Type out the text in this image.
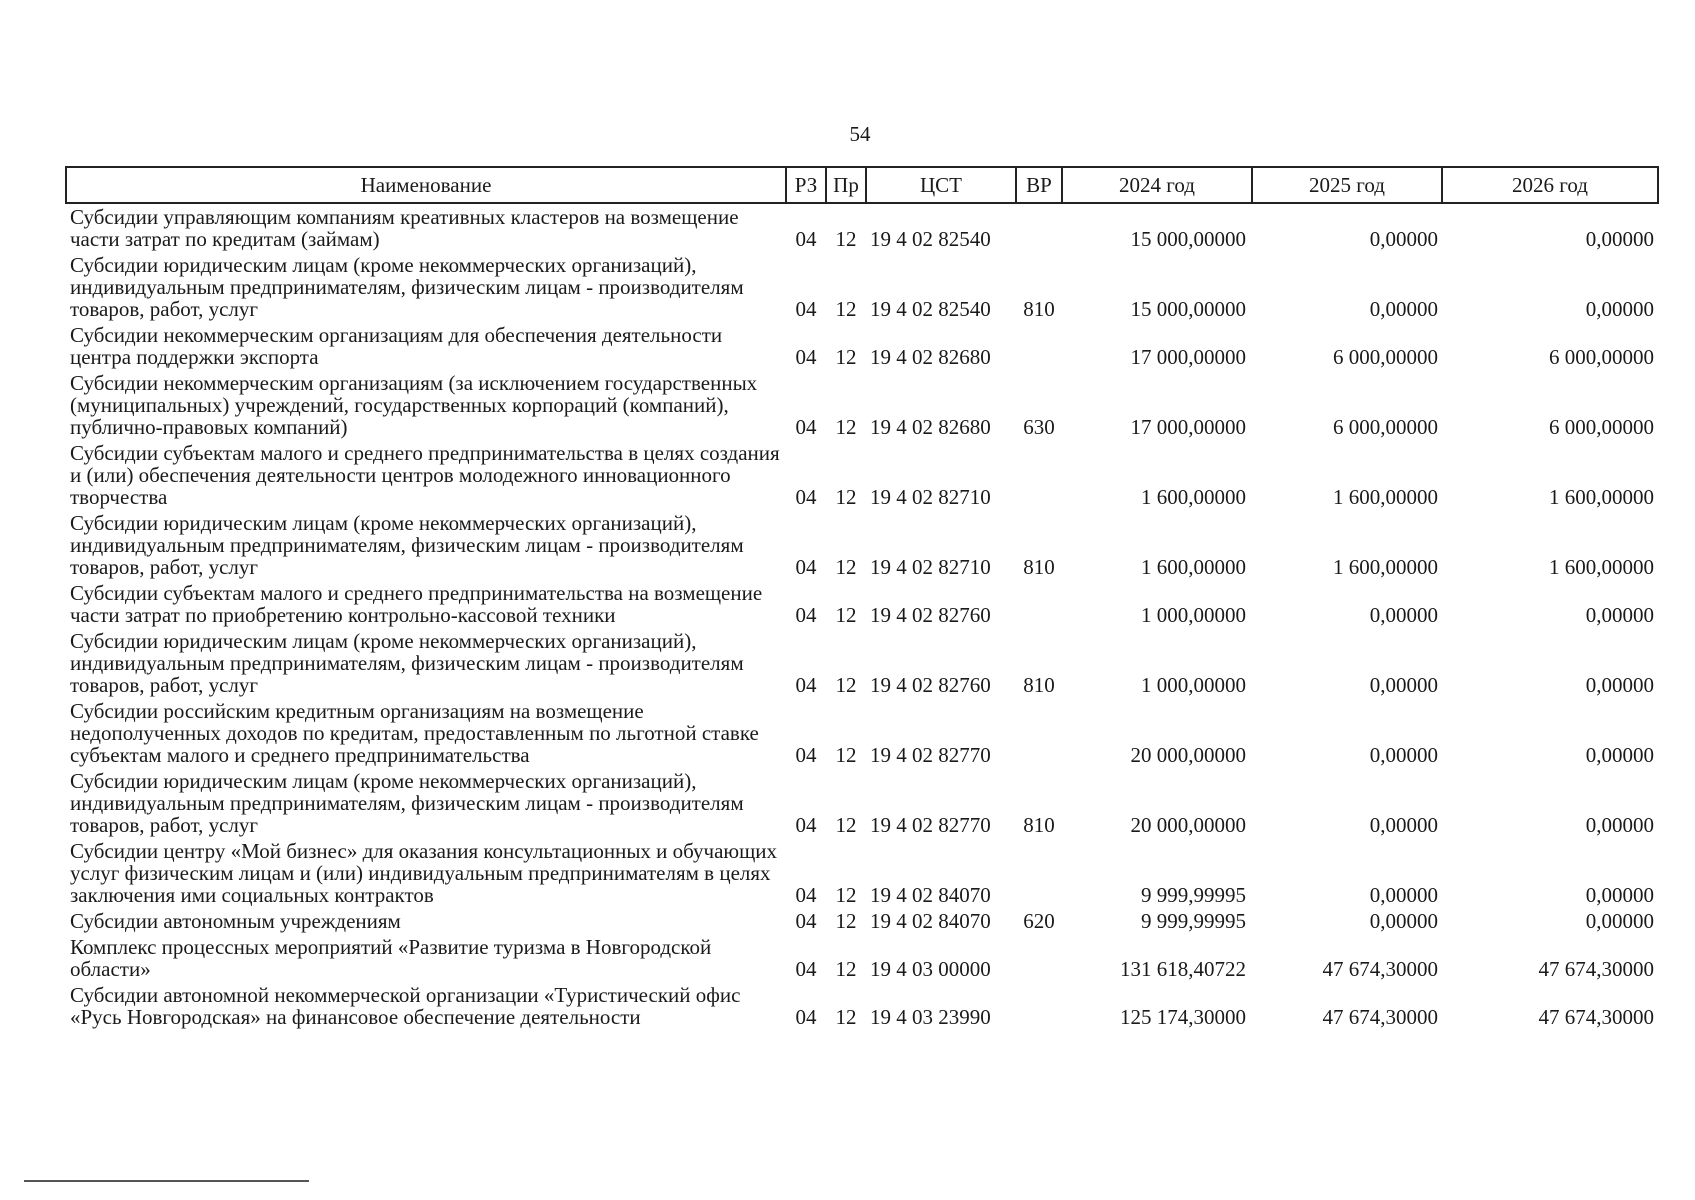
54
Наименование	РЗ	Пр	ЦСТ	ВР	2024 год	2025 год	2026 год
Субсидии управляющим компаниям креативных кластеров на возмещение части затрат по кредитам (займам)	04	12	19 4 02 82540		15 000,00000	0,00000	0,00000
Субсидии юридическим лицам (кроме некоммерческих организаций), индивидуальным предпринимателям, физическим лицам - производителям товаров, работ, услуг	04	12	19 4 02 82540	810	15 000,00000	0,00000	0,00000
Субсидии некоммерческим организациям для обеспечения деятельности центра поддержки экспорта	04	12	19 4 02 82680		17 000,00000	6 000,00000	6 000,00000
Субсидии некоммерческим организациям (за исключением государственных (муниципальных) учреждений, государственных корпораций (компаний), публично-правовых компаний)	04	12	19 4 02 82680	630	17 000,00000	6 000,00000	6 000,00000
Субсидии субъектам малого и среднего предпринимательства в целях создания и (или) обеспечения деятельности центров молодежного инновационного творчества	04	12	19 4 02 82710		1 600,00000	1 600,00000	1 600,00000
Субсидии юридическим лицам (кроме некоммерческих организаций), индивидуальным предпринимателям, физическим лицам - производителям товаров, работ, услуг	04	12	19 4 02 82710	810	1 600,00000	1 600,00000	1 600,00000
Субсидии субъектам малого и среднего предпринимательства на возмещение части затрат по приобретению контрольно-кассовой техники	04	12	19 4 02 82760		1 000,00000	0,00000	0,00000
Субсидии юридическим лицам (кроме некоммерческих организаций), индивидуальным предпринимателям, физическим лицам - производителям товаров, работ, услуг	04	12	19 4 02 82760	810	1 000,00000	0,00000	0,00000
Субсидии российским кредитным организациям на возмещение недополученных доходов по кредитам, предоставленным по льготной ставке субъектам малого и среднего предпринимательства	04	12	19 4 02 82770		20 000,00000	0,00000	0,00000
Субсидии юридическим лицам (кроме некоммерческих организаций), индивидуальным предпринимателям, физическим лицам - производителям товаров, работ, услуг	04	12	19 4 02 82770	810	20 000,00000	0,00000	0,00000
Субсидии центру «Мой бизнес» для оказания консультационных и обучающих услуг физическим лицам и (или) индивидуальным предпринимателям в целях заключения ими социальных контрактов	04	12	19 4 02 84070		9 999,99995	0,00000	0,00000
Субсидии автономным учреждениям	04	12	19 4 02 84070	620	9 999,99995	0,00000	0,00000
Комплекс процессных мероприятий «Развитие туризма в Новгородской области»	04	12	19 4 03 00000		131 618,40722	47 674,30000	47 674,30000
Субсидии автономной некоммерческой организации «Туристический офис «Русь Новгородская» на финансовое обеспечение деятельности	04	12	19 4 03 23990		125 174,30000	47 674,30000	47 674,30000
